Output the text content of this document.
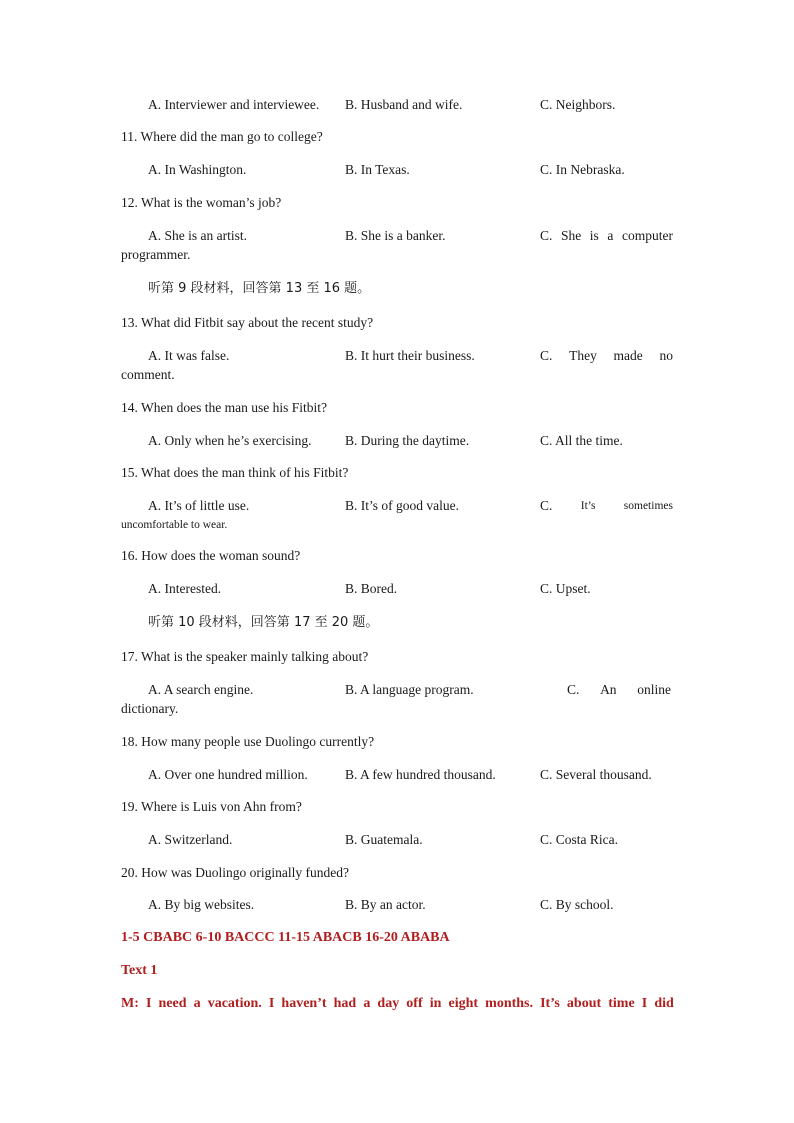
A. Interviewer and interviewee. B. Husband and wife.	C. Neighbors.
11. Where did the man go to college?
A. In Washington.	B. In Texas.	C. In Nebraska.
12. What is the woman’s job?
A. She is an artist.	B. She is a banker.	C. She is a computer
programmer.
听第 9 段材料，回答第 13 至 16 题。
13. What did Fitbit say about the recent study?
A. It was false.	B. It hurt their business.	C. They made no
comment.
14. When does the man use his Fitbit?
A. Only when he’s exercising. B. During the daytime.	C. All the time.
15. What does the man think of his Fitbit?
A. It’s of little use.	B. It’s of good value.	C. It’s sometimes
uncomfortable to wear.
16. How does the woman sound?
A. Interested.	B. Bored.	C. Upset.
听第 10 段材料，回答第 17 至 20 题。
17. What is the speaker mainly talking about?
A. A search engine.	B. A language program.	C. An online
dictionary.
18. How many people use Duolingo currently?
A. Over one hundred million.	B. A few hundred thousand.	C. Several thousand.
19. Where is Luis von Ahn from?
A. Switzerland.	B. Guatemala.	C. Costa Rica.
20. How was Duolingo originally funded?
A. By big websites.	B. By an actor.	C. By school.
1-5 CBABC 6-10 BACCC 11-15 ABACB 16-20 ABABA
Text 1
M: I need a vacation. I haven’t had a day off in eight months. It’s about time I did
